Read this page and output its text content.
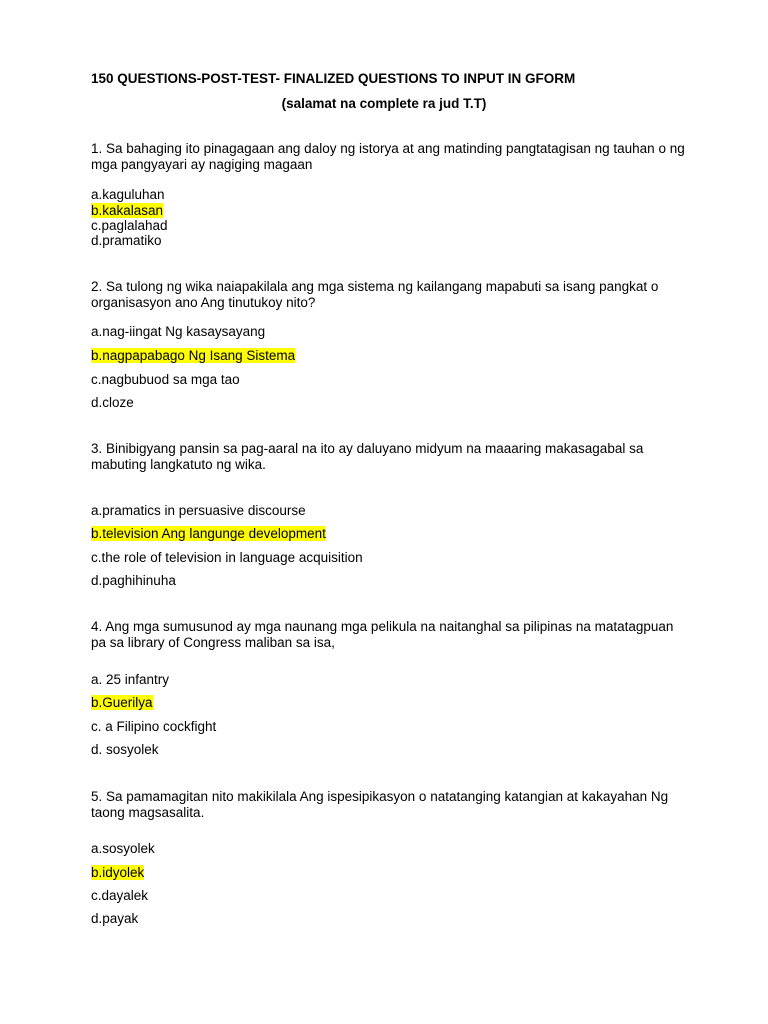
150 QUESTIONS-POST-TEST- FINALIZED QUESTIONS TO INPUT IN GFORM
(salamat na complete ra jud T.T)
1. Sa bahaging ito pinagagaan ang daloy ng istorya at ang matinding pangtatagisan ng tauhan o ng mga pangyayari ay nagiging magaan
a.kaguluhan
b.kakalasan
c.paglalahad
d.pramatiko
2. Sa tulong ng wika naiapakilala ang mga sistema ng kailangang mapabuti sa isang pangkat o organisasyon ano Ang tinutukoy nito?
a.nag-iingat Ng kasaysayang
b.nagpapabago Ng Isang Sistema
c.nagbubuod sa mga tao
d.cloze
3. Binibigyang pansin sa pag-aaral na ito ay daluyano midyum na maaaring makasagabal sa mabuting langkatuto ng wika.
a.pramatics in persuasive discourse
b.television Ang langunge development
c.the role of television in language acquisition
d.paghihinuha
4. Ang mga sumusunod ay mga naunang mga pelikula na naitanghal sa pilipinas na matatagpuan pa sa library of Congress maliban sa isa,
a. 25 infantry
b.Guerilya
c. a Filipino cockfight
d. sosyolek
5. Sa pamamagitan nito makikilala Ang ispesipikasyon o natatanging katangian at kakayahan Ng taong magsasalita.
a.sosyolek
b.idyolek
c.dayalek
d.payak
